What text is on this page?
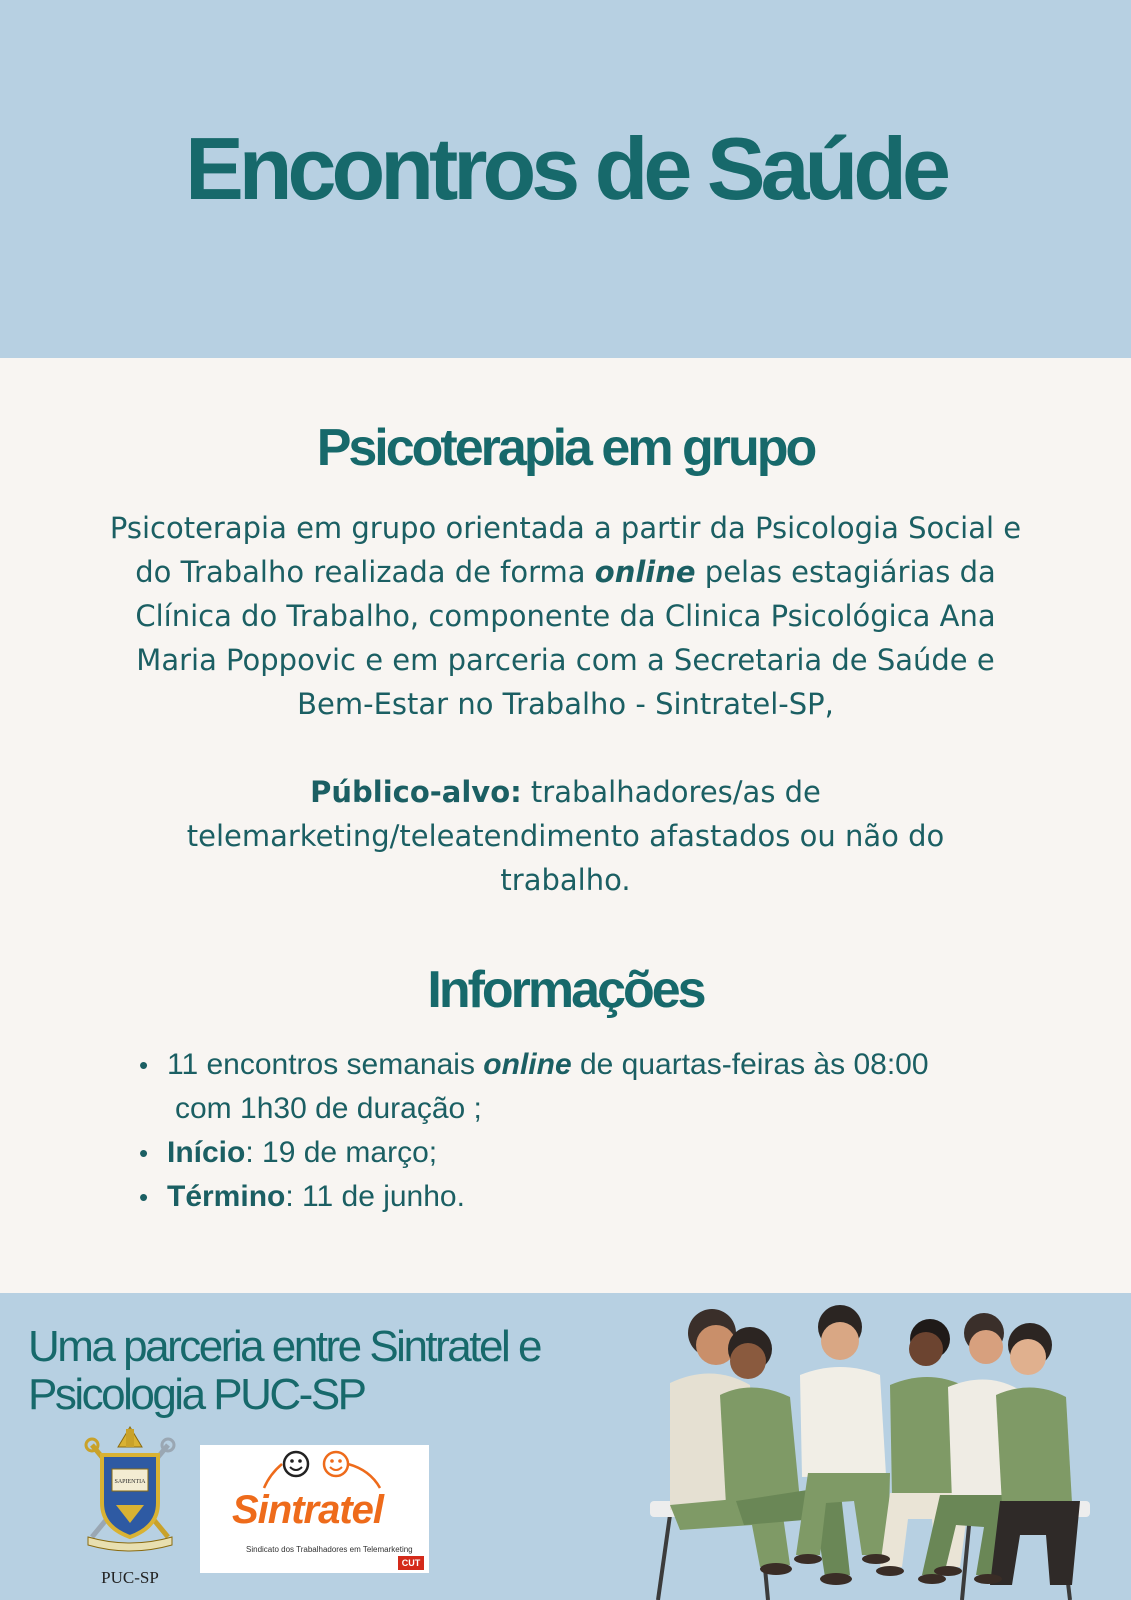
Encontros de Saúde
Psicoterapia em grupo

Psicoterapia em grupo orientada a partir da Psicologia Social e do Trabalho realizada de forma online pelas estagiárias da Clínica do Trabalho, componente da Clinica Psicológica Ana Maria Poppovic e em parceria com a Secretaria de Saúde e Bem-Estar no Trabalho - Sintratel-SP,

Público-alvo: trabalhadores/as de telemarketing/teleatendimento afastados ou não do trabalho.

Informações
• 11 encontros semanais online de quartas-feiras às 08:00
com 1h30 de duração ;
• Início: 19 de março;
• Término: 11 de junho.
Uma parceria entre Sintratel e
Psicologia PUC-SP
SAPIENTIA
PUC-SP
Sintratel
Sindicato dos Trabalhadores em Telemarketing
CUT
